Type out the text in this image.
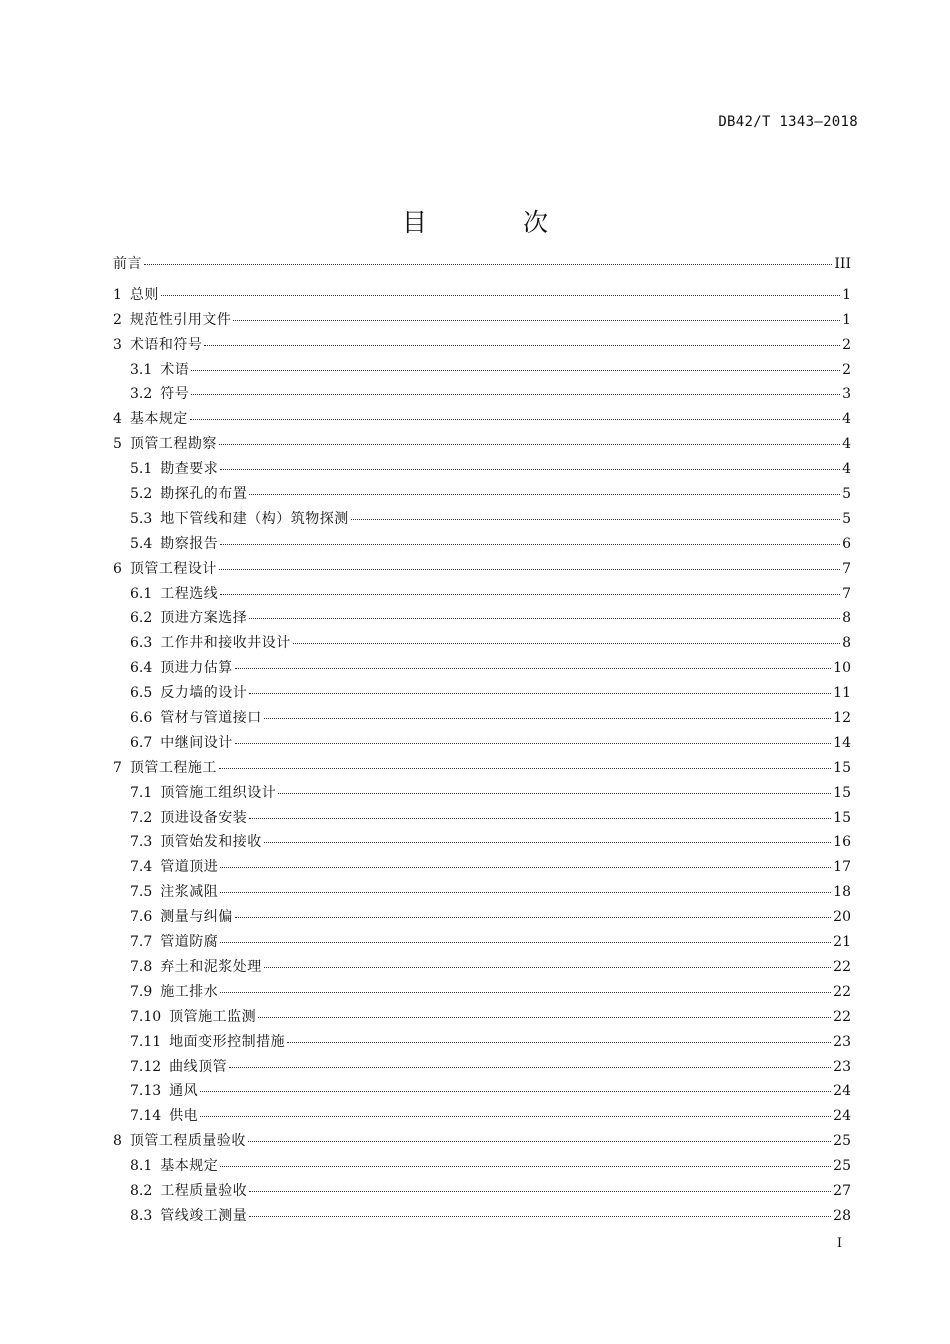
DB42/T 1343—2018
目 次
前言	III
1 总则	1
2 规范性引用文件	1
3 术语和符号	2
3.1 术语	2
3.2 符号	3
4 基本规定	4
5 顶管工程勘察	4
5.1 勘查要求	4
5.2 勘探孔的布置	5
5.3 地下管线和建（构）筑物探测	5
5.4 勘察报告	6
6 顶管工程设计	7
6.1 工程选线	7
6.2 顶进方案选择	8
6.3 工作井和接收井设计	8
6.4 顶进力估算	10
6.5 反力墙的设计	11
6.6 管材与管道接口	12
6.7 中继间设计	14
7 顶管工程施工	15
7.1 顶管施工组织设计	15
7.2 顶进设备安装	15
7.3 顶管始发和接收	16
7.4 管道顶进	17
7.5 注浆减阻	18
7.6 测量与纠偏	20
7.7 管道防腐	21
7.8 弃土和泥浆处理	22
7.9 施工排水	22
7.10 顶管施工监测	22
7.11 地面变形控制措施	23
7.12 曲线顶管	23
7.13 通风	24
7.14 供电	24
8 顶管工程质量验收	25
8.1 基本规定	25
8.2 工程质量验收	27
8.3 管线竣工测量	28
I
